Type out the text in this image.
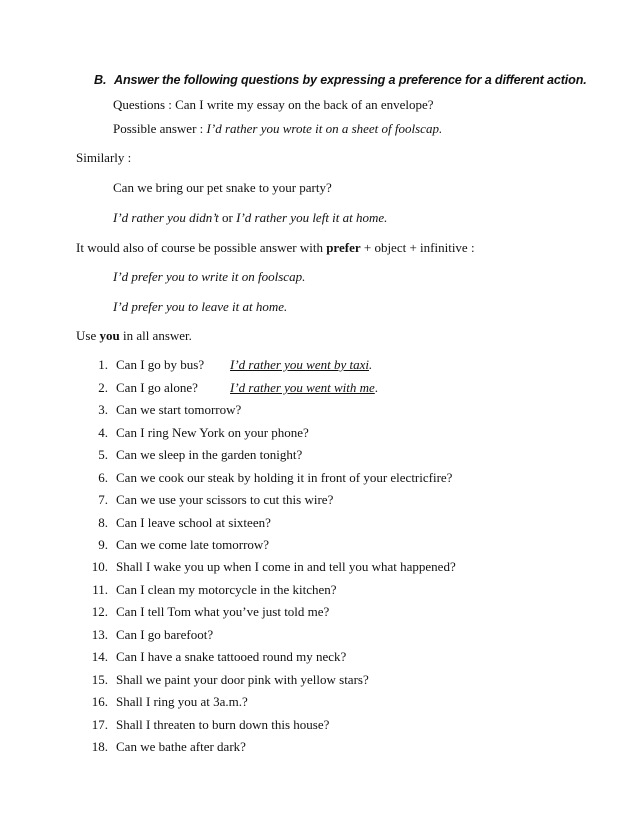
B. Answer the following questions by expressing a preference for a different action.
Questions : Can I write my essay on the back of an envelope?
Possible answer : I’d rather you wrote it on a sheet of foolscap.
Similarly :
Can we bring our pet snake to your party?
I’d rather you didn’t or I’d rather you left it at home.
It would also of course be possible answer with prefer + object + infinitive :
I’d prefer you to write it on foolscap.
I’d prefer you to leave it at home.
Use you in all answer.
1. Can I go by bus? I’d rather you went by taxi.
2. Can I go alone? I’d rather you went with me.
3. Can we start tomorrow?
4. Can I ring New York on your phone?
5. Can we sleep in the garden tonight?
6. Can we cook our steak by holding it in front of your electricfire?
7. Can we use your scissors to cut this wire?
8. Can I leave school at sixteen?
9. Can we come late tomorrow?
10. Shall I wake you up when I come in and tell you what happened?
11. Can I clean my motorcycle in the kitchen?
12. Can I tell Tom what you’ve just told me?
13. Can I go barefoot?
14. Can I have a snake tattooed round my neck?
15. Shall we paint your door pink with yellow stars?
16. Shall I ring you at 3a.m.?
17. Shall I threaten to burn down this house?
18. Can we bathe after dark?
